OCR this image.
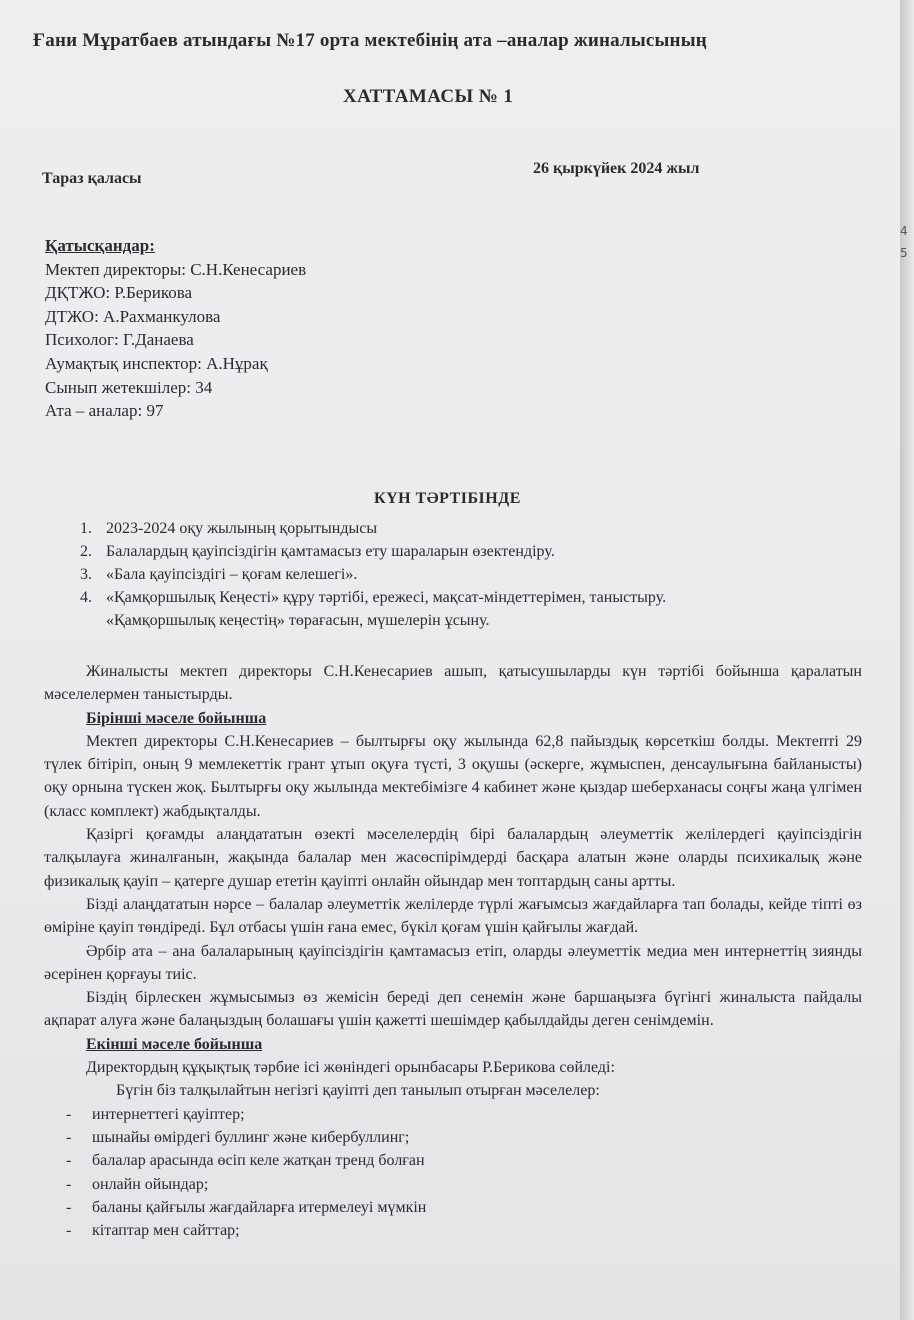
Ғани Мұратбаев атындағы №17 орта мектебінің ата –аналар жиналысының
ХАТТАМАСЫ № 1
Тараз қаласы
26 қыркүйек 2024 жыл
Қатысқандар:
Мектеп директоры: С.Н.Кенесариев
ДҚТЖО: Р.Берикова
ДТЖО: А.Рахманкулова
Психолог: Г.Данаева
Аумақтық инспектор: А.Нұрақ
Сынып жетекшілер: 34
Ата – аналар: 97
КҮН ТӘРТІБІНДЕ
1. 2023-2024 оқу жылының қорытындысы
2. Балалардың қауіпсіздігін қамтамасыз ету шараларын өзектендіру.
3. «Бала қауіпсіздігі – қоғам келешегі».
4. «Қамқоршылық Кеңесті» құру тәртібі, ережесі, мақсат-міндеттерімен, таныстыру.
«Қамқоршылық кеңестің» төрағасын, мүшелерін ұсыну.

Жиналысты мектеп директоры С.Н.Кенесариев ашып, қатысушыларды күн тәртібі бойынша қаралатын мәселелермен таныстырды.

Бірінші мәселе бойынша

Мектеп директоры С.Н.Кенесариев – былтырғы оқу жылында 62,8 пайыздық көрсеткіш болды. Мектепті 29 түлек бітіріп, оның 9 мемлекеттік грант ұтып оқуға түсті, 3 оқушы (әскерге, жұмыспен, денсаулығына байланысты) оқу орнына түскен жоқ. Былтырғы оқу жылында мектебімізге 4 кабинет және қыздар шеберханасы соңғы жаңа үлгімен (класс комплект) жабдықталды.

Қазіргі қоғамды алаңдататын өзекті мәселелердің бірі балалардың әлеуметтік желілердегі қауіпсіздігін талқылауға жиналғанын, жақында балалар мен жасөспірімдерді басқара алатын және оларды психикалық және физикалық қауіп – қатерге душар ететін қауіпті онлайн ойындар мен топтардың саны артты.

Бізді алаңдататын нәрсе – балалар әлеуметтік желілерде түрлі жағымсыз жағдайларға тап болады, кейде тіпті өз өміріне қауіп төндіреді. Бұл отбасы үшін ғана емес, бүкіл қоғам үшін қайғылы жағдай.

Әрбір ата – ана балаларының қауіпсіздігін қамтамасыз етіп, оларды әлеуметтік медиа мен интернеттің зиянды әсерінен қорғауы тиіс.

Біздің бірлескен жұмысымыз өз жемісін береді деп сенемін және баршаңызға бүгінгі жиналыста пайдалы ақпарат алуға және балаңыздың болашағы үшін қажетті шешімдер қабылдайды деген сенімдемін.

Екінші мәселе бойынша

Директордың құқықтық тәрбие ісі жөніндегі орынбасары Р.Берикова сөйледі:

Бүгін біз талқылайтын негізгі қауіпті деп танылып отырған мәселелер:

- интернеттегі қауіптер;
- шынайы өмірдегі буллинг және кибербуллинг;
- балалар арасында өсіп келе жатқан тренд болған
- онлайн ойындар;
- баланы қайғылы жағдайларға итермелеуі мүмкін
- кітаптар мен сайттар;
4
5
